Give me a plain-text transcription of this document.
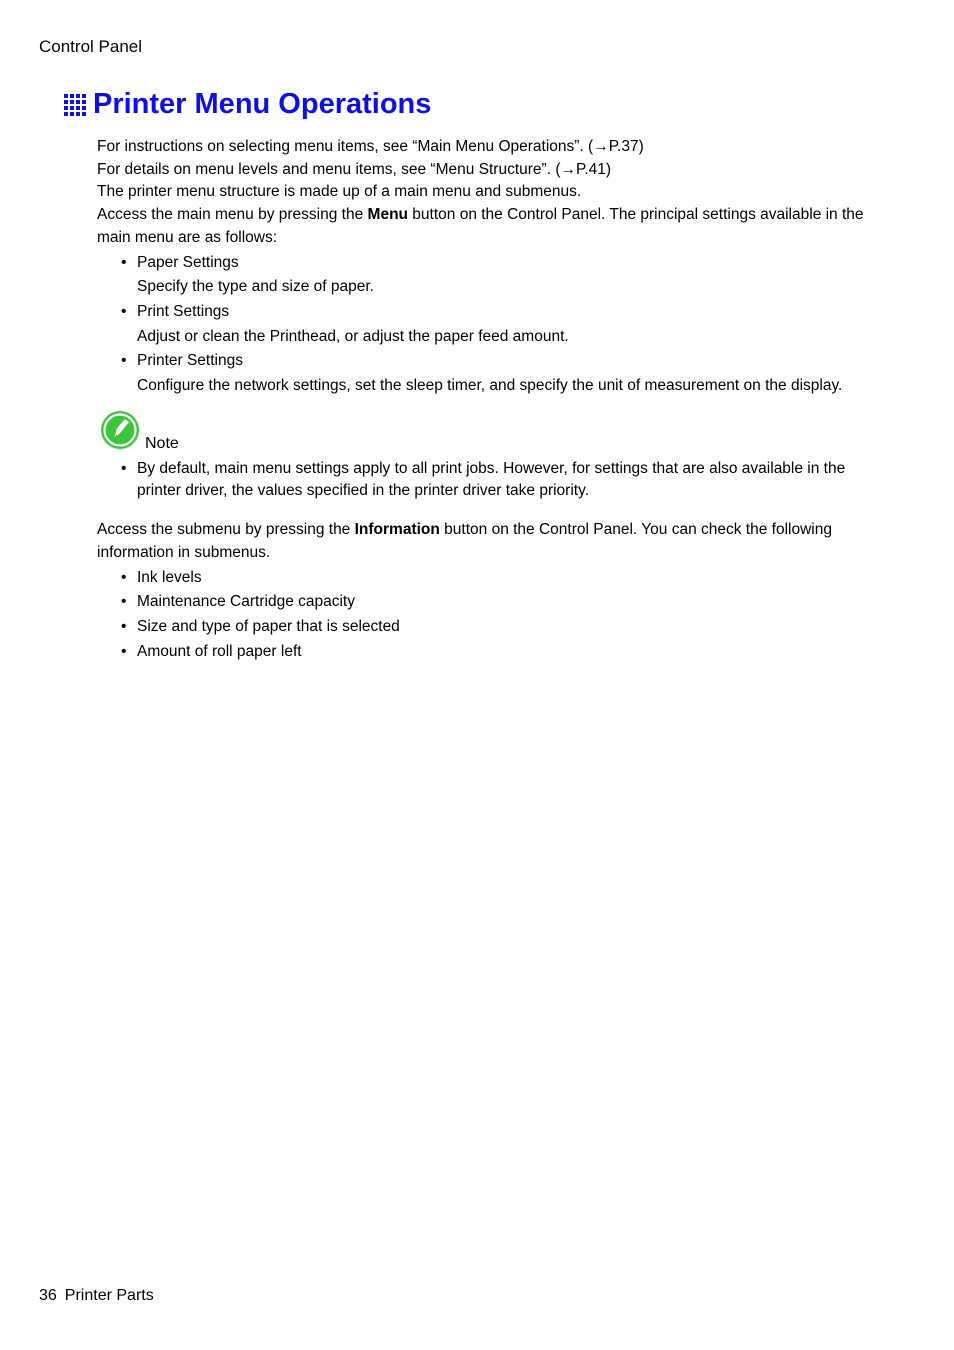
Control Panel
Printer Menu Operations

For instructions on selecting menu items, see “Main Menu Operations”. (→P.37)

For details on menu levels and menu items, see “Menu Structure”. (→P.41)

The printer menu structure is made up of a main menu and submenus.

Access the main menu by pressing the Menu button on the Control Panel. The principal settings available in the main menu are as follows:

• Paper Settings
Specify the type and size of paper.
• Print Settings
Adjust or clean the Printhead, or adjust the paper feed amount.
• Printer Settings
Configure the network settings, set the sleep timer, and specify the unit of measurement on the display.
Note
• By default, main menu settings apply to all print jobs. However, for settings that are also available in the printer driver, the values specified in the printer driver take priority.

Access the submenu by pressing the Information button on the Control Panel. You can check the following information in submenus.

• Ink levels
• Maintenance Cartridge capacity
• Size and type of paper that is selected
• Amount of roll paper left
36 Printer Parts
